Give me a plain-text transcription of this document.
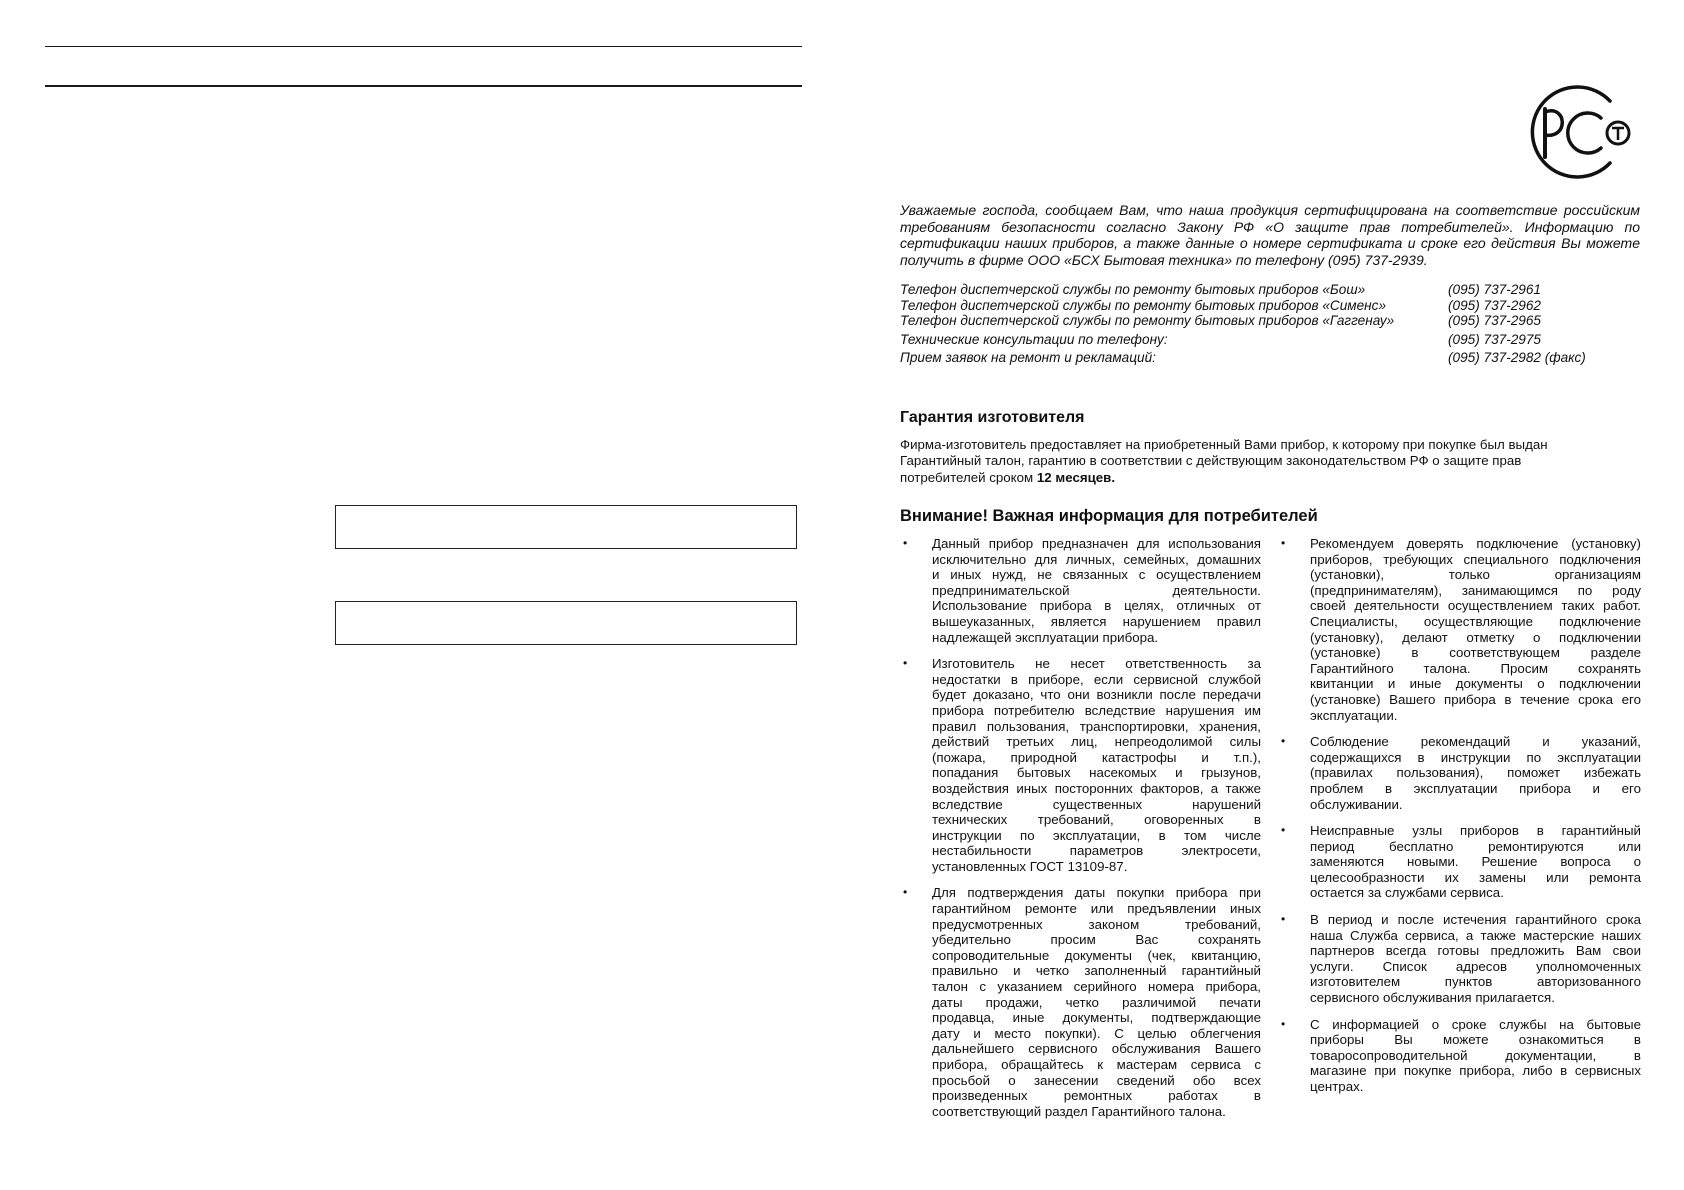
Уважаемые господа, сообщаем Вам, что наша продукция сертифицирована на соответствие российским
требованиям безопасности согласно Закону РФ «О защите прав потребителей». Информацию по
сертификации наших приборов, а также данные о номере сертификата и сроке его действия Вы можете
получить в фирме ООО «БСХ Бытовая техника» по телефону (095) 737-2939.
Телефон диспетчерской службы по ремонту бытовых приборов «Бош»	(095) 737-2961
Телефон диспетчерской службы по ремонту бытовых приборов «Сименс»	(095) 737-2962
Телефон диспетчерской службы по ремонту бытовых приборов «Гаггенау»	(095) 737-2965
Технические консультации по телефону:	(095) 737-2975
Прием заявок на ремонт и рекламаций:	(095) 737-2982 (факс)
Гарантия изготовителя
Фирма-изготовитель предоставляет на приобретенный Вами прибор, к которому при покупке был выдан
Гарантийный талон, гарантию в соответствии с действующим законодательством РФ о защите прав
потребителей сроком 12 месяцев.
Внимание! Важная информация для потребителей
• Данный прибор предназначен для использования
исключительно для личных, семейных, домашних
и иных нужд, не связанных с осуществлением
предпринимательской деятельности.
Использование прибора в целях, отличных от
вышеуказанных, является нарушением правил
надлежащей эксплуатации прибора.
• Изготовитель не несет ответственность за
недостатки в приборе, если сервисной службой
будет доказано, что они возникли после передачи
прибора потребителю вследствие нарушения им
правил пользования, транспортировки, хранения,
действий третьих лиц, непреодолимой силы
(пожара, природной катастрофы и т.п.),
попадания бытовых насекомых и грызунов,
воздействия иных посторонних факторов, а также
вследствие существенных нарушений
технических требований, оговоренных в
инструкции по эксплуатации, в том числе
нестабильности параметров электросети,
установленных ГОСТ 13109-87.
• Для подтверждения даты покупки прибора при
гарантийном ремонте или предъявлении иных
предусмотренных законом требований,
убедительно просим Вас сохранять
сопроводительные документы (чек, квитанцию,
правильно и четко заполненный гарантийный
талон с указанием серийного номера прибора,
даты продажи, четко различимой печати
продавца, иные документы, подтверждающие
дату и место покупки). С целью облегчения
дальнейшего сервисного обслуживания Вашего
прибора, обращайтесь к мастерам сервиса с
просьбой о занесении сведений обо всех
произведенных ремонтных работах в
соответствующий раздел Гарантийного талона.
• Рекомендуем доверять подключение (установку)
приборов, требующих специального подключения
(установки), только организациям
(предпринимателям), занимающимся по роду
своей деятельности осуществлением таких работ.
Специалисты, осуществляющие подключение
(установку), делают отметку о подключении
(установке) в соответствующем разделе
Гарантийного талона. Просим сохранять
квитанции и иные документы о подключении
(установке) Вашего прибора в течение срока его
эксплуатации.
• Соблюдение рекомендаций и указаний,
содержащихся в инструкции по эксплуатации
(правилах пользования), поможет избежать
проблем в эксплуатации прибора и его
обслуживании.
• Неисправные узлы приборов в гарантийный
период бесплатно ремонтируются или
заменяются новыми. Решение вопроса о
целесообразности их замены или ремонта
остается за службами сервиса.
• В период и после истечения гарантийного срока
наша Служба сервиса, а также мастерские наших
партнеров всегда готовы предложить Вам свои
услуги. Список адресов уполномоченных
изготовителем пунктов авторизованного
сервисного обслуживания прилагается.
• С информацией о сроке службы на бытовые
приборы Вы можете ознакомиться в
товаросопроводительной документации, в
магазине при покупке прибора, либо в сервисных
центрах.
